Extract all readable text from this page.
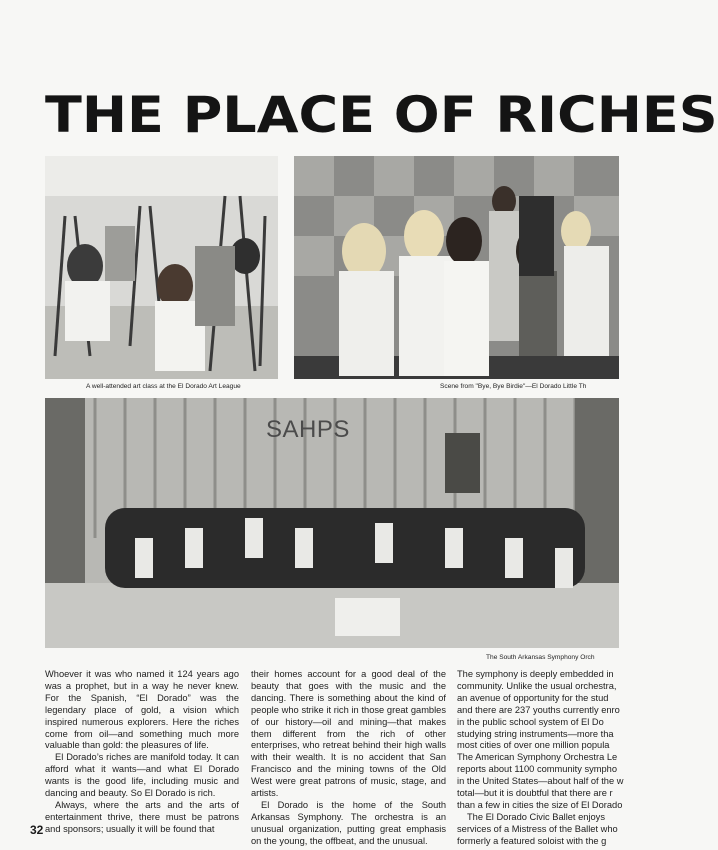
THE PLACE OF RICHES
A well-attended art class at the El Dorado Art League	Scene from "Bye, Bye Birdie"—El Dorado Little Th
The South Arkansas Symphony Orch
SAHPS

Whoever it was who named it 124 years ago was a prophet, but in a way he never knew. For the Spanish, “El Dorado” was the legendary place of gold, a vision which inspired numerous explorers. Here the riches come from oil—and something much more valuable than gold: the pleasures of life.

El Dorado’s riches are manifold today. It can afford what it wants—and what El Dorado wants is the good life, including music and dancing and beauty. So El Dorado is rich.

Always, where the arts and the arts of entertainment thrive, there must be patrons and sponsors; usually it will be found that

their homes account for a good deal of the beauty that goes with the music and the dancing. There is something about the kind of people who strike it rich in those great gambles of our history—oil and mining—that makes them different from the rich of other enterprises, who retreat behind their high walls with their wealth. It is no accident that San Francisco and the mining towns of the Old West were great patrons of music, stage, and artists.

El Dorado is the home of the South Arkansas Symphony. The orchestra is an unusual organization, putting great emphasis on the young, the offbeat, and the unusual.

The symphony is deeply embedded in
community. Unlike the usual orchestra,
an avenue of opportunity for the stud
and there are 237 youths currently enro
in the public school system of El Do
studying string instruments—more tha
most cities of over one million popula
The American Symphony Orchestra Le
reports about 1100 community sympho
in the United States—about half of the w
total—but it is doubtful that there are r
than a few in cities the size of El Dorado
The El Dorado Civic Ballet enjoys
services of a Mistress of the Ballet who
formerly a featured soloist with the g
32
